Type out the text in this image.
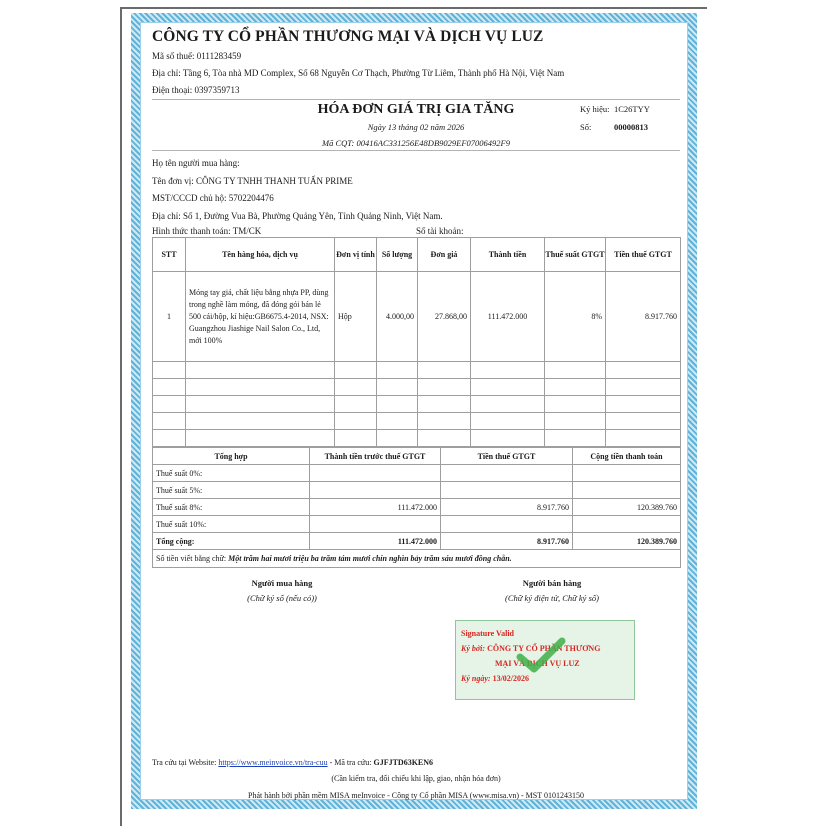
CÔNG TY CỔ PHẦN THƯƠNG MẠI VÀ DỊCH VỤ LUZ
Mã số thuế: 0111283459
Địa chỉ: Tầng 6, Tòa nhà MD Complex, Số 68 Nguyễn Cơ Thạch, Phường Từ Liêm, Thành phố Hà Nội, Việt Nam
Điện thoại: 0397359713
HÓA ĐƠN GIÁ TRỊ GIA TĂNG
Ngày 13 tháng 02 năm 2026
Mã CQT: 00416AC331256E48DB9029EF07006492F9
Ký hiệu: 1C26TYY
Số:	00000813
Họ tên người mua hàng:
Tên đơn vị: CÔNG TY TNHH THANH TUẤN PRIME
MST/CCCD chủ hộ: 5702204476
Địa chỉ: Số 1, Đường Vua Bà, Phường Quảng Yên, Tỉnh Quảng Ninh, Việt Nam.
Hình thức thanh toán: TM/CK	Số tài khoản:
STT	Tên hàng hóa, dịch vụ	Đơn vị tính	Số lượng	Đơn giá	Thành tiền	Thuế suất GTGT	Tiền thuế GTGT
1	Móng tay giả, chất liệu bằng nhựa PP, dùng trong nghề làm móng, đã đóng gói bán lẻ 500 cái/hộp, kí hiệu:GB6675.4-2014, NSX: Guangzhou Jiashige Nail Salon Co., Ltd, mới 100%	Hộp	4.000,00	27.868,00	111.472.000	8%	8.917.760

Tổng hợp	Thành tiền trước thuế GTGT	Tiền thuế GTGT	Cộng tiền thanh toán
Thuế suất 0%:			
Thuế suất 5%:			
Thuế suất 8%:	111.472.000	8.917.760	120.389.760
Thuế suất 10%:			
Tổng cộng:	111.472.000	8.917.760	120.389.760
Số tiền viết bằng chữ: Một trăm hai mươi triệu ba trăm tám mươi chín nghìn bảy trăm sáu mươi đồng chẵn.			
Người mua hàng
(Chữ ký số (nếu có))
Người bán hàng
(Chữ ký điện tử, Chữ ký số)
Signature Valid
Ký bởi: CÔNG TY CỔ PHẦN THƯƠNG
MẠI VÀ DỊCH VỤ LUZ
Ký ngày: 13/02/2026
Tra cứu tại Website: https://www.meinvoice.vn/tra-cuu - Mã tra cứu: GJFJTD63KEN6
(Cần kiểm tra, đối chiếu khi lập, giao, nhận hóa đơn)
Phát hành bởi phần mềm MISA meInvoice - Công ty Cổ phần MISA (www.misa.vn) - MST 0101243150
